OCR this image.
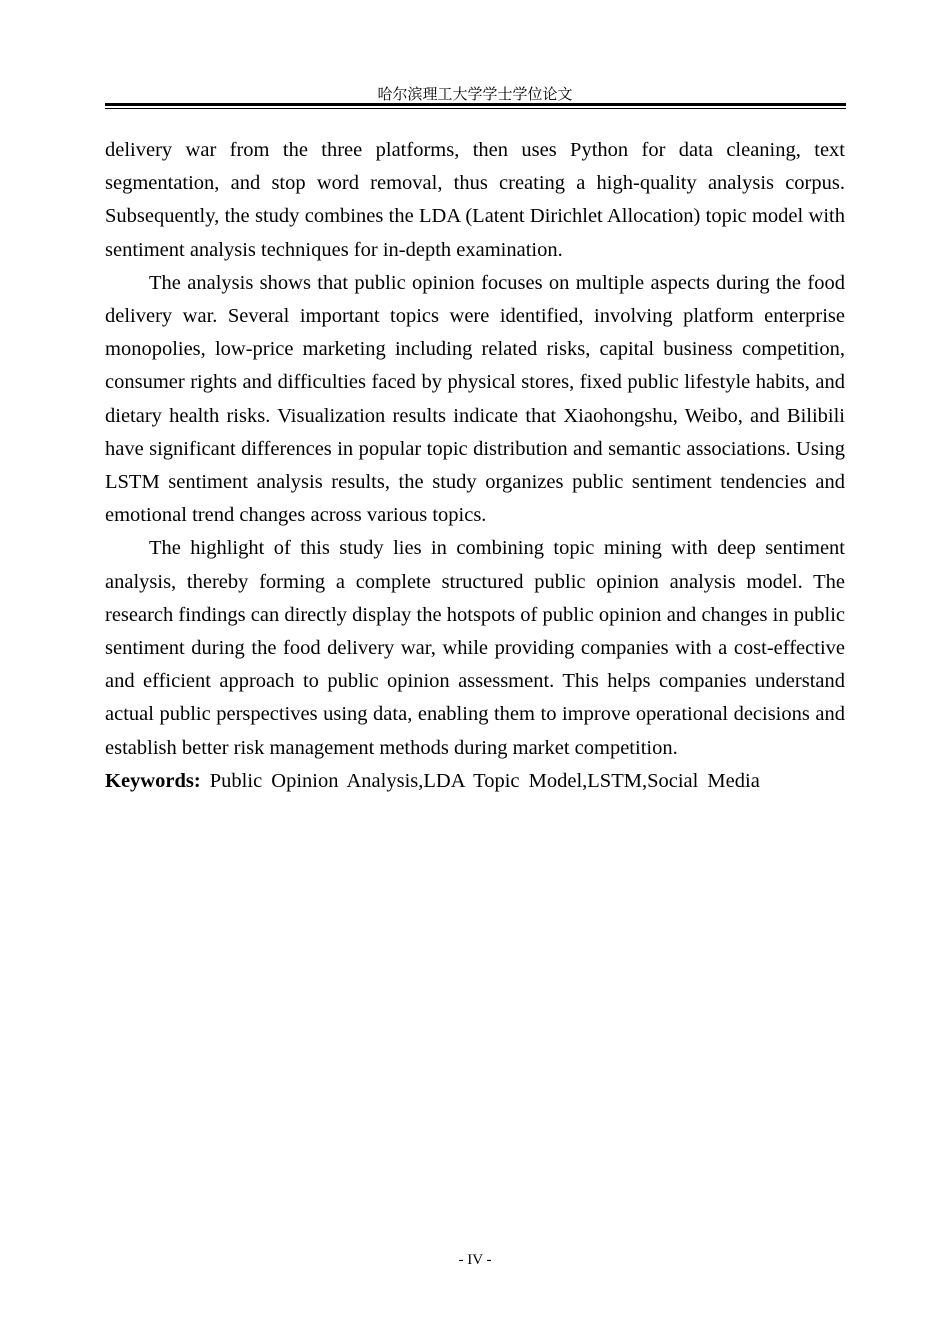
哈尔滨理工大学学士学位论文

delivery war from the three platforms, then uses Python for data cleaning, text segmentation, and stop word removal, thus creating a high-quality analysis corpus. Subsequently, the study combines the LDA (Latent Dirichlet Allocation) topic model with sentiment analysis techniques for in-depth examination.

The analysis shows that public opinion focuses on multiple aspects during the food delivery war. Several important topics were identified, involving platform enterprise monopolies, low-price marketing including related risks, capital business competition, consumer rights and difficulties faced by physical stores, fixed public lifestyle habits, and dietary health risks. Visualization results indicate that Xiaohongshu, Weibo, and Bilibili have significant differences in popular topic distribution and semantic associations. Using LSTM sentiment analysis results, the study organizes public sentiment tendencies and emotional trend changes across various topics.

The highlight of this study lies in combining topic mining with deep sentiment analysis, thereby forming a complete structured public opinion analysis model. The research findings can directly display the hotspots of public opinion and changes in public sentiment during the food delivery war, while providing companies with a cost-effective and efficient approach to public opinion assessment. This helps companies understand actual public perspectives using data, enabling them to improve operational decisions and establish better risk management methods during market competition.

Keywords: Public Opinion Analysis,LDA Topic Model,LSTM,Social Media

- IV -
